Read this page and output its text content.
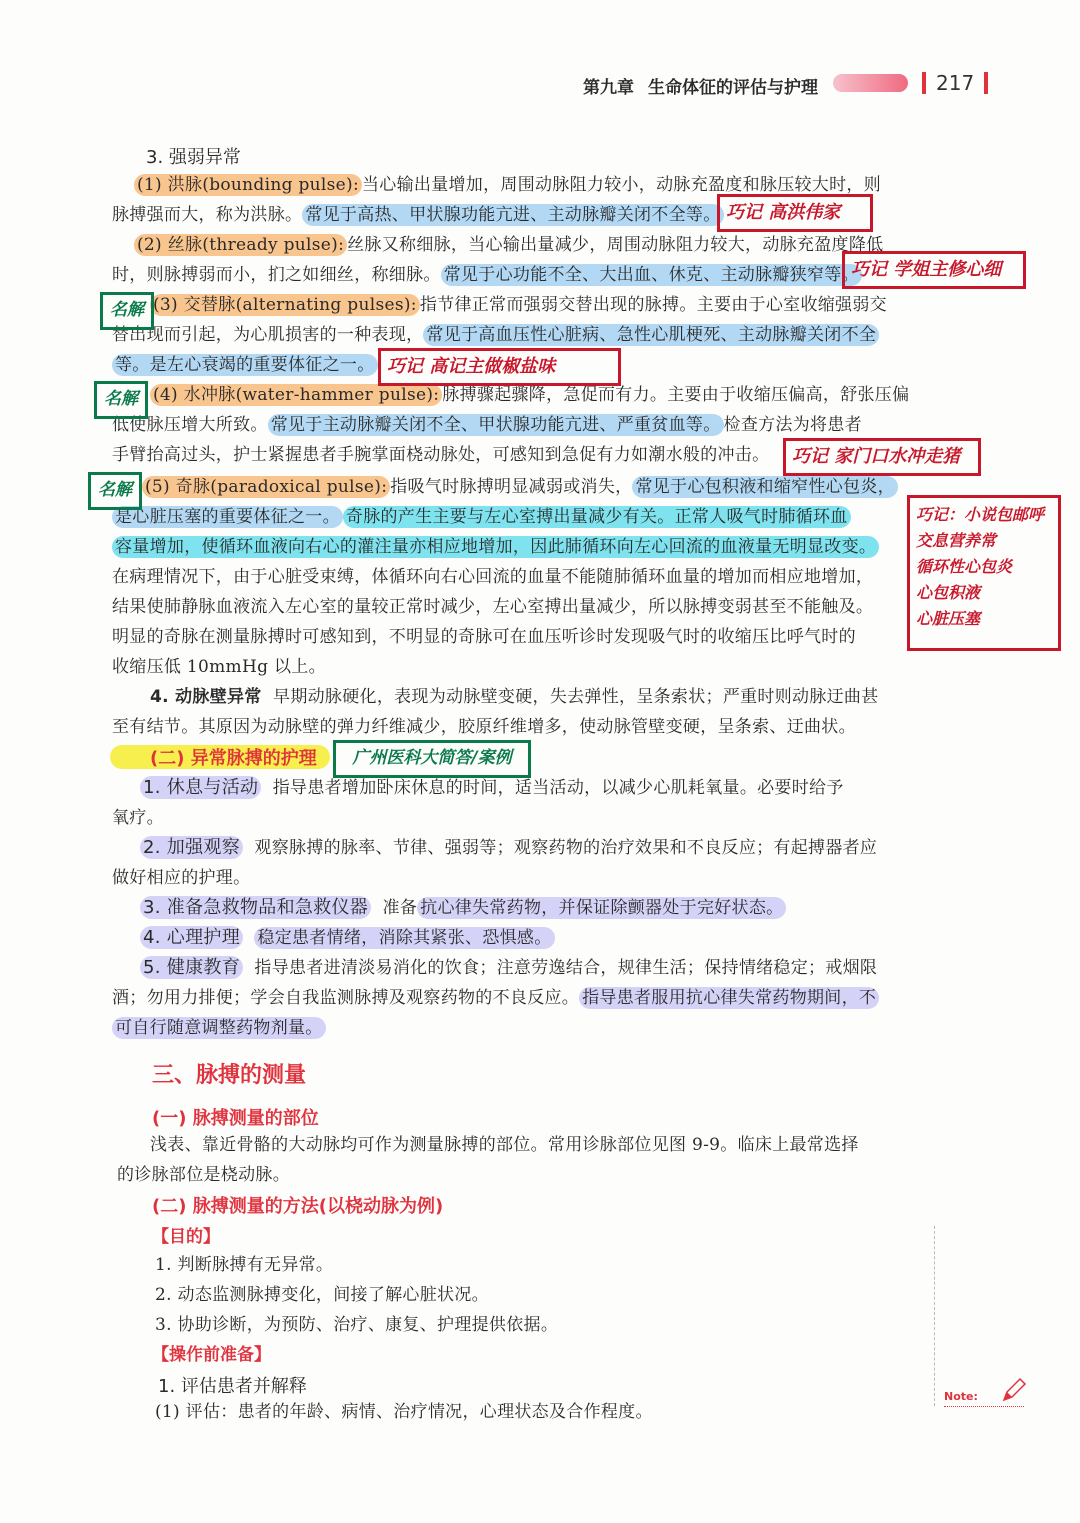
第九章 生命体征的评估与护理	217
3. 强弱异常
(1) 洪脉(bounding pulse): 当心输出量增加，周围动脉阻力较小，动脉充盈度和脉压较大时，则
脉搏强而大，称为洪脉。 常见于高热、甲状腺功能亢进、主动脉瓣关闭不全等。
(2) 丝脉(thready pulse): 丝脉又称细脉，当心输出量减少，周围动脉阻力较大，动脉充盈度降低
时，则脉搏弱而小，扪之如细丝，称细脉。 常见于心功能不全、大出血、休克、主动脉瓣狭窄等。
(3) 交替脉(alternating pulses): 指节律正常而强弱交替出现的脉搏。主要由于心室收缩强弱交
替出现而引起，为心肌损害的一种表现， 常见于高血压性心脏病、急性心肌梗死、主动脉瓣关闭不全
等。是左心衰竭的重要体征之一。
(4) 水冲脉(water-hammer pulse): 脉搏骤起骤降，急促而有力。主要由于收缩压偏高，舒张压偏
低使脉压增大所致。 常见于主动脉瓣关闭不全、甲状腺功能亢进、严重贫血等。 检查方法为将患者
手臂抬高过头，护士紧握患者手腕掌面桡动脉处，可感知到急促有力如潮水般的冲击。
(5) 奇脉(paradoxical pulse): 指吸气时脉搏明显减弱或消失， 常见于心包积液和缩窄性心包炎，
是心脏压塞的重要体征之一。 奇脉的产生主要与左心室搏出量减少有关。正常人吸气时肺循环血
容量增加，使循环血液向右心的灌注量亦相应地增加，因此肺循环向左心回流的血液量无明显改变。
在病理情况下，由于心脏受束缚，体循环向右心回流的血量不能随肺循环血量的增加而相应地增加，
结果使肺静脉血液流入左心室的量较正常时减少，左心室搏出量减少，所以脉搏变弱甚至不能触及。
明显的奇脉在测量脉搏时可感知到，不明显的奇脉可在血压听诊时发现吸气时的收缩压比呼气时的
收缩压低 10mmHg 以上。
4. 动脉壁异常 早期动脉硬化，表现为动脉壁变硬，失去弹性，呈条索状；严重时则动脉迂曲甚
至有结节。其原因为动脉壁的弹力纤维减少，胶原纤维增多，使动脉管壁变硬，呈条索、迂曲状。
(二) 异常脉搏的护理
1. 休息与活动 指导患者增加卧床休息的时间，适当活动，以减少心肌耗氧量。必要时给予
氧疗。
2. 加强观察 观察脉搏的脉率、节律、强弱等；观察药物的治疗效果和不良反应；有起搏器者应
做好相应的护理。
3. 准备急救物品和急救仪器 准备 抗心律失常药物，并保证除颤器处于完好状态。
4. 心理护理 稳定患者情绪，消除其紧张、恐惧感。
5. 健康教育 指导患者进清淡易消化的饮食；注意劳逸结合，规律生活；保持情绪稳定；戒烟限
酒；勿用力排便；学会自我监测脉搏及观察药物的不良反应。 指导患者服用抗心律失常药物期间，不
可自行随意调整药物剂量。
三、脉搏的测量
(一) 脉搏测量的部位
浅表、靠近骨骼的大动脉均可作为测量脉搏的部位。常用诊脉部位见图 9-9。临床上最常选择
的诊脉部位是桡动脉。
(二) 脉搏测量的方法(以桡动脉为例)
【目的】
1. 判断脉搏有无异常。
2. 动态监测脉搏变化，间接了解心脏状况。
3. 协助诊断，为预防、治疗、康复、护理提供依据。
【操作前准备】
1. 评估患者并解释
(1) 评估：患者的年龄、病情、治疗情况，心理状态及合作程度。
巧记 高洪伟家
巧记 学姐主修心细
巧记 高记主做椒盐味
巧记 家门口水冲走猪
巧记：小说包邮呼
交息营养常
循环性心包炎
心包积液
心脏压塞
名解
名解
名解
广州医科大简答/案例
Note:
